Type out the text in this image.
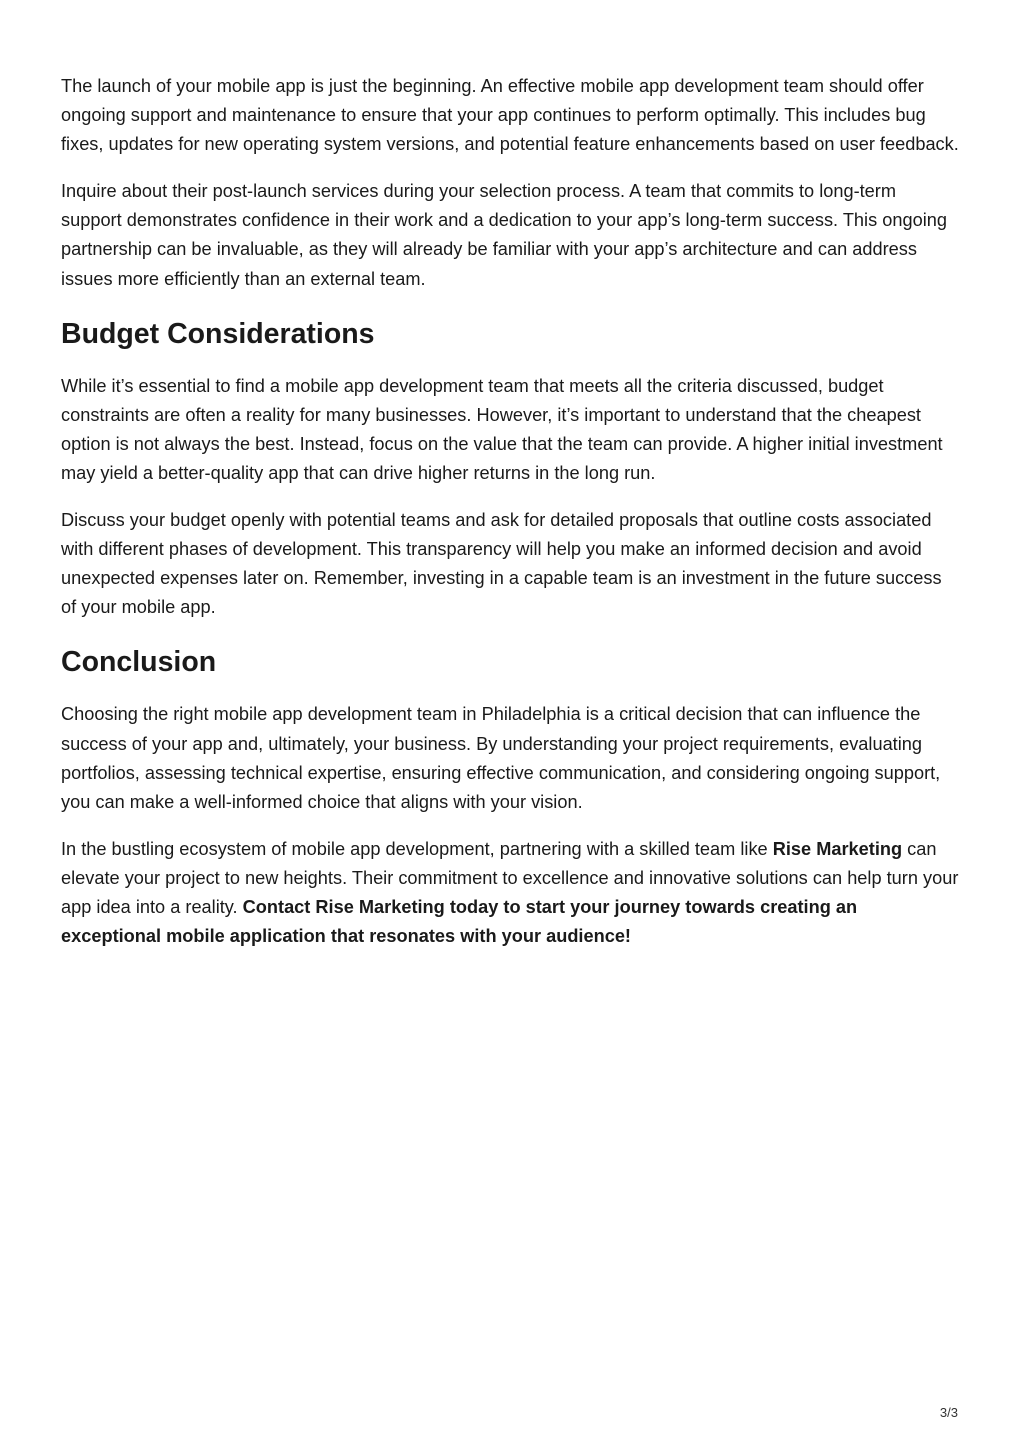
The launch of your mobile app is just the beginning. An effective mobile app development team should offer ongoing support and maintenance to ensure that your app continues to perform optimally. This includes bug fixes, updates for new operating system versions, and potential feature enhancements based on user feedback.

Inquire about their post-launch services during your selection process. A team that commits to long-term support demonstrates confidence in their work and a dedication to your app’s long-term success. This ongoing partnership can be invaluable, as they will already be familiar with your app’s architecture and can address issues more efficiently than an external team.

Budget Considerations

While it’s essential to find a mobile app development team that meets all the criteria discussed, budget constraints are often a reality for many businesses. However, it’s important to understand that the cheapest option is not always the best. Instead, focus on the value that the team can provide. A higher initial investment may yield a better-quality app that can drive higher returns in the long run.

Discuss your budget openly with potential teams and ask for detailed proposals that outline costs associated with different phases of development. This transparency will help you make an informed decision and avoid unexpected expenses later on. Remember, investing in a capable team is an investment in the future success of your mobile app.

Conclusion

Choosing the right mobile app development team in Philadelphia is a critical decision that can influence the success of your app and, ultimately, your business. By understanding your project requirements, evaluating portfolios, assessing technical expertise, ensuring effective communication, and considering ongoing support, you can make a well-informed choice that aligns with your vision.

In the bustling ecosystem of mobile app development, partnering with a skilled team like Rise Marketing can elevate your project to new heights. Their commitment to excellence and innovative solutions can help turn your app idea into a reality. Contact Rise Marketing today to start your journey towards creating an exceptional mobile application that resonates with your audience!

3/3
